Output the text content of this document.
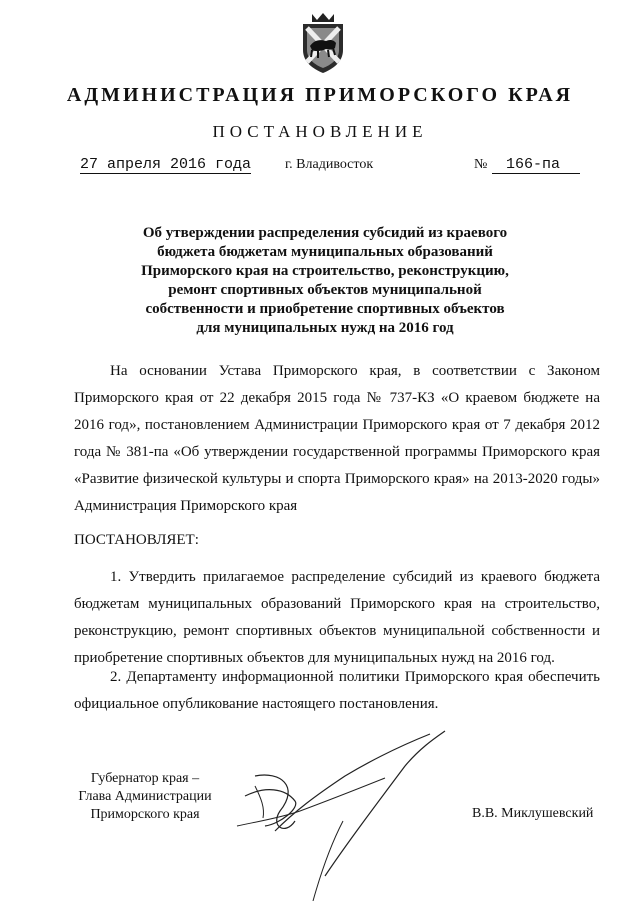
АДМИНИСТРАЦИЯ ПРИМОРСКОГО КРАЯ
ПОСТАНОВЛЕНИЕ
27 апреля 2016 года г. Владивосток	№	166-па
Об утверждении распределения субсидий из краевого
бюджета бюджетам муниципальных образований
Приморского края на строительство, реконструкцию,
ремонт спортивных объектов муниципальной
собственности и приобретение спортивных объектов
для муниципальных нужд на 2016 год

На основании Устава Приморского края, в соответствии с Законом Приморского края от 22 декабря 2015 года № 737-КЗ «О краевом бюджете на 2016 год», постановлением Администрации Приморского края от 7 декабря 2012 года № 381-па «Об утверждении государственной программы Приморского края «Развитие физической культуры и спорта Приморского края» на 2013-2020 годы» Администрация Приморского края

ПОСТАНОВЛЯЕТ:

1. Утвердить прилагаемое распределение субсидий из краевого бюджета бюджетам муниципальных образований Приморского края на строительство, реконструкцию, ремонт спортивных объектов муниципальной собственности и приобретение спортивных объектов для муниципальных нужд на 2016 год.

2. Департаменту информационной политики Приморского края обеспечить официальное опубликование настоящего постановления.

Губернатор края –
Глава Администрации
Приморского края	В.В. Миклушевский
